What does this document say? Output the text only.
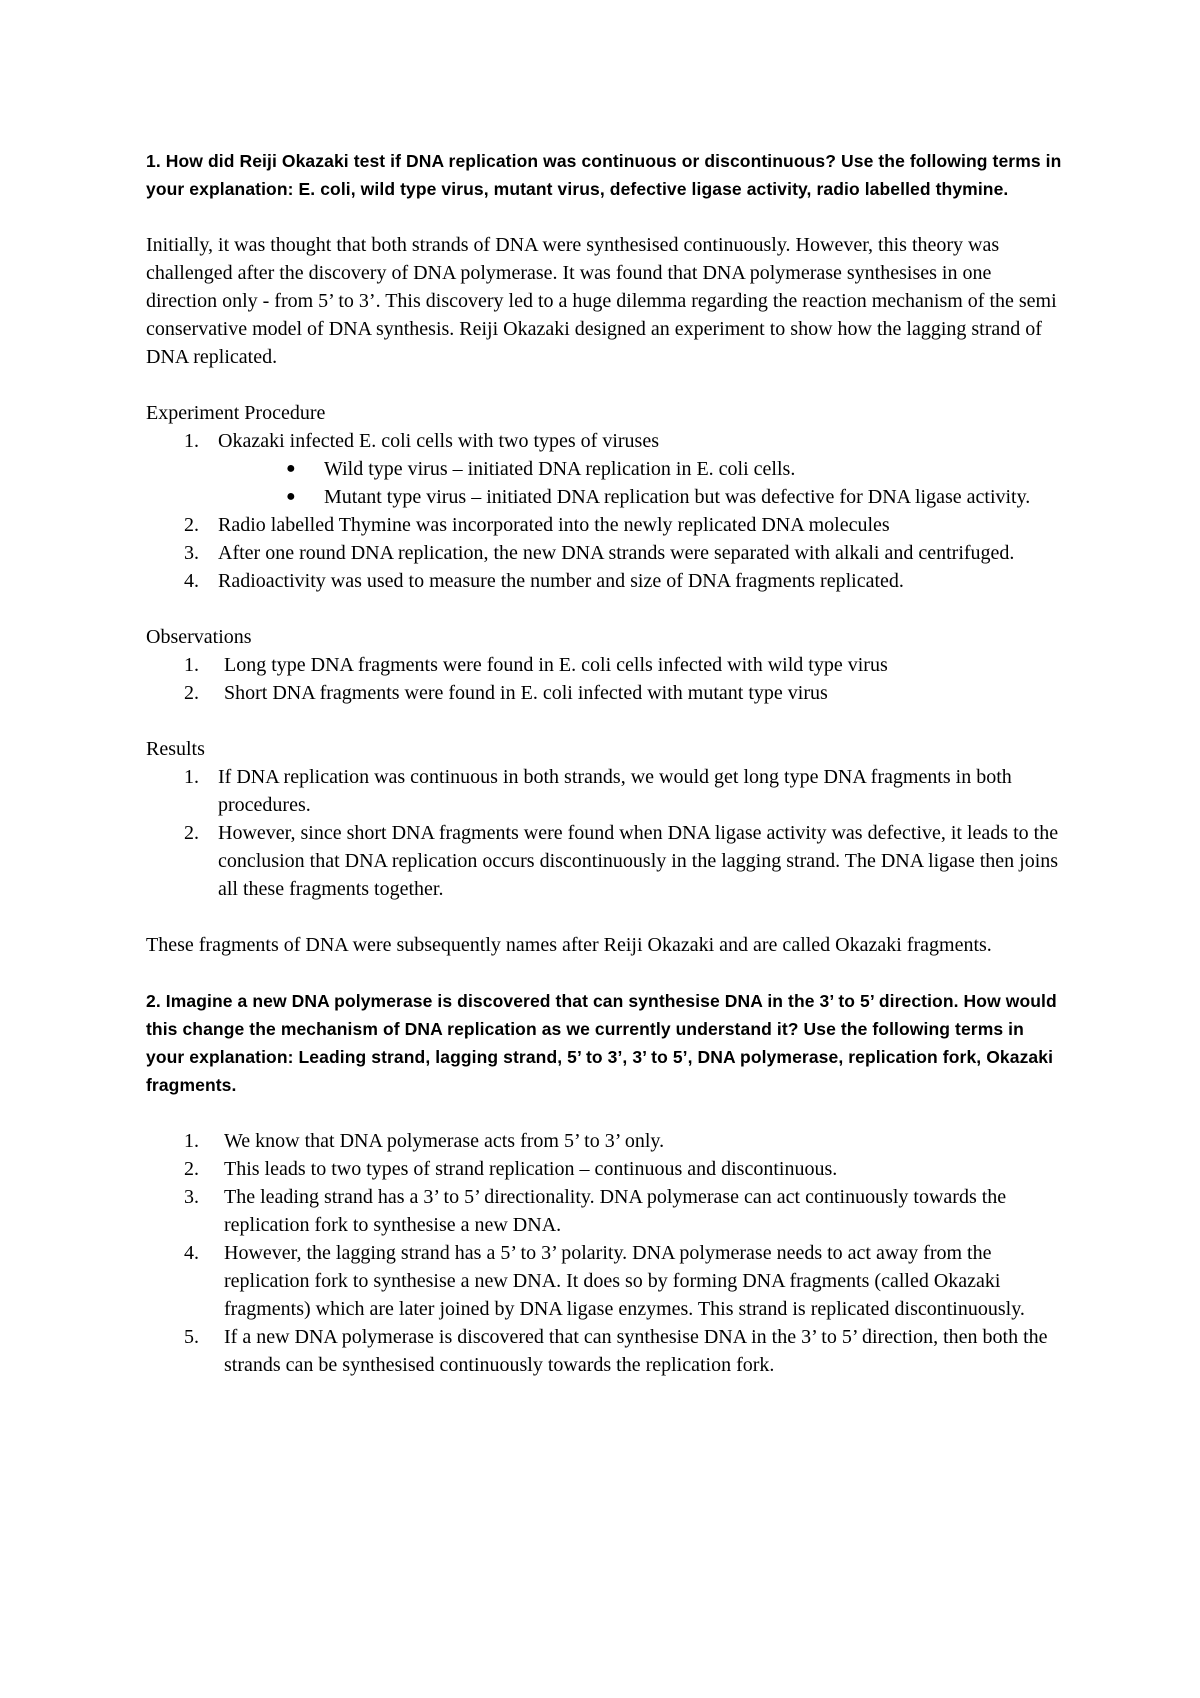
1. How did Reiji Okazaki test if DNA replication was continuous or discontinuous? Use the following terms in your explanation: E. coli, wild type virus, mutant virus, defective ligase activity, radio labelled thymine.

Initially, it was thought that both strands of DNA were synthesised continuously. However, this theory was challenged after the discovery of DNA polymerase. It was found that DNA polymerase synthesises in one direction only - from 5’ to 3’. This discovery led to a huge dilemma regarding the reaction mechanism of the semi conservative model of DNA synthesis. Reiji Okazaki designed an experiment to show how the lagging strand of DNA replicated.

Experiment Procedure

1. Okazaki infected E. coli cells with two types of viruses
● Wild type virus – initiated DNA replication in E. coli cells.
● Mutant type virus – initiated DNA replication but was defective for DNA ligase activity.
2. Radio labelled Thymine was incorporated into the newly replicated DNA molecules
3. After one round DNA replication, the new DNA strands were separated with alkali and centrifuged.
4. Radioactivity was used to measure the number and size of DNA fragments replicated.

Observations

1. Long type DNA fragments were found in E. coli cells infected with wild type virus
2. Short DNA fragments were found in E. coli infected with mutant type virus

Results

1. If DNA replication was continuous in both strands, we would get long type DNA fragments in both procedures.
2. However, since short DNA fragments were found when DNA ligase activity was defective, it leads to the conclusion that DNA replication occurs discontinuously in the lagging strand. The DNA ligase then joins all these fragments together.

These fragments of DNA were subsequently names after Reiji Okazaki and are called Okazaki fragments.

2. Imagine a new DNA polymerase is discovered that can synthesise DNA in the 3’ to 5’ direction. How would this change the mechanism of DNA replication as we currently understand it? Use the following terms in your explanation: Leading strand, lagging strand, 5’ to 3’, 3’ to 5’, DNA polymerase, replication fork, Okazaki fragments.

1. We know that DNA polymerase acts from 5’ to 3’ only.
2. This leads to two types of strand replication – continuous and discontinuous.
3. The leading strand has a 3’ to 5’ directionality. DNA polymerase can act continuously towards the replication fork to synthesise a new DNA.
4. However, the lagging strand has a 5’ to 3’ polarity. DNA polymerase needs to act away from the replication fork to synthesise a new DNA. It does so by forming DNA fragments (called Okazaki fragments) which are later joined by DNA ligase enzymes. This strand is replicated discontinuously.
5. If a new DNA polymerase is discovered that can synthesise DNA in the 3’ to 5’ direction, then both the strands can be synthesised continuously towards the replication fork.
